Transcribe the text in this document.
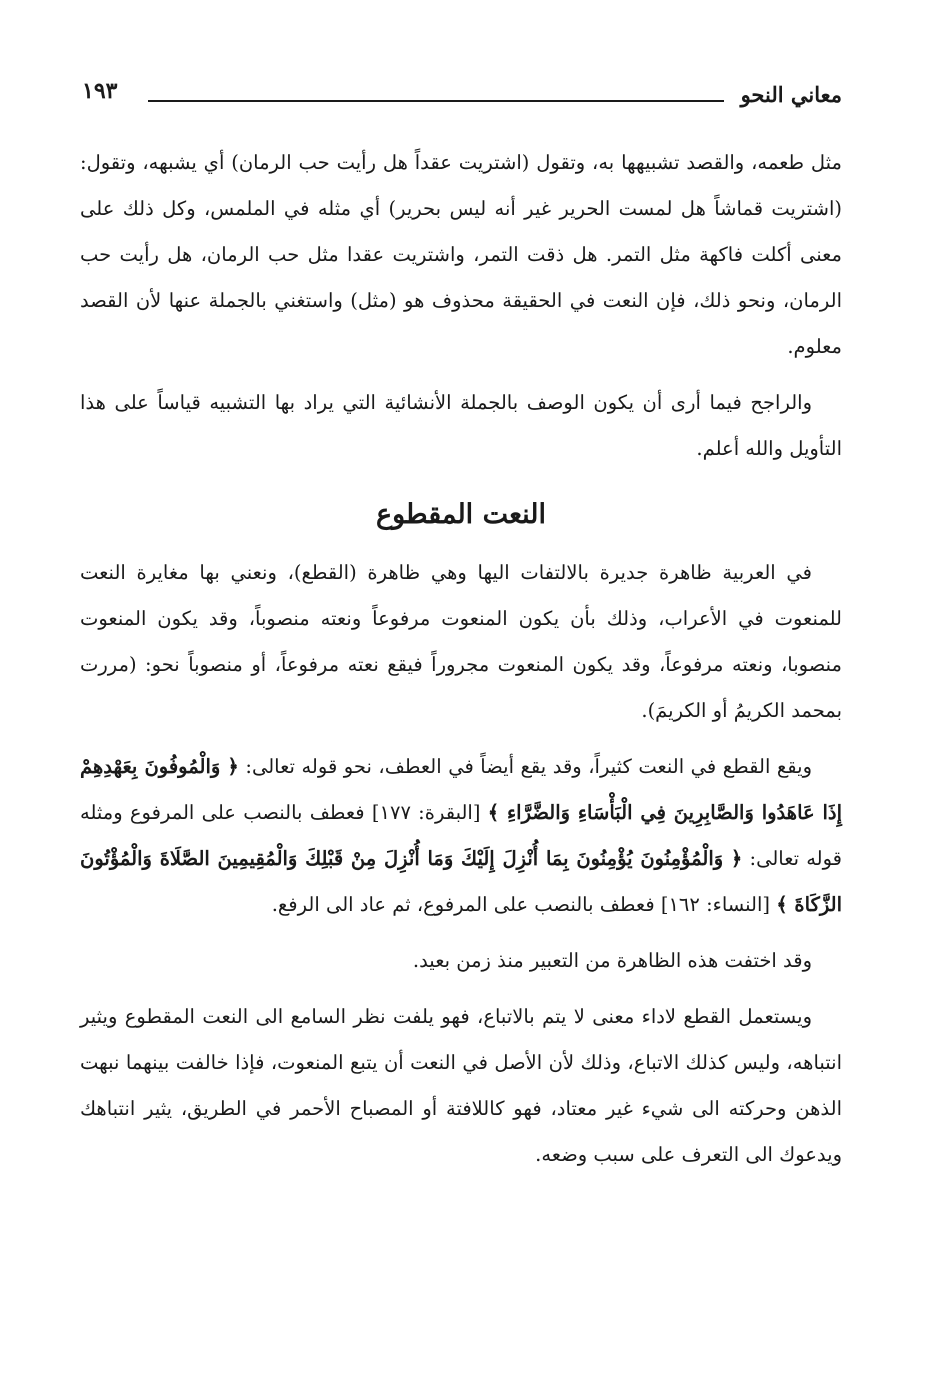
معاني النحو
١٩٣

مثل طعمه، والقصد تشبيهها به، وتقول (اشتريت عقداً هل رأيت حب الرمان) أي يشبهه، وتقول: (اشتريت قماشاً هل لمست الحرير غير أنه ليس بحرير) أي مثله في الملمس، وكل ذلك على معنى أكلت فاكهة مثل التمر. هل ذقت التمر، واشتريت عقدا مثل حب الرمان، هل رأيت حب الرمان، ونحو ذلك، فإن النعت في الحقيقة محذوف هو (مثل) واستغني بالجملة عنها لأن القصد معلوم.

والراجح فيما أرى أن يكون الوصف بالجملة الأنشائية التي يراد بها التشبيه قياساً على هذا التأويل والله أعلم.

النعت المقطوع

في العربية ظاهرة جديرة بالالتفات اليها وهي ظاهرة (القطع)، ونعني بها مغايرة النعت للمنعوت في الأعراب، وذلك بأن يكون المنعوت مرفوعاً ونعته منصوباً، وقد يكون المنعوت منصوبا، ونعته مرفوعاً، وقد يكون المنعوت مجروراً فيقع نعته مرفوعاً، أو منصوباً نحو: (مررت بمحمد الكريمُ أو الكريمَ).

ويقع القطع في النعت كثيراً، وقد يقع أيضاً في العطف، نحو قوله تعالى: ﴿ وَالْمُوفُونَ بِعَهْدِهِمْ إِذَا عَاهَدُوا وَالصَّابِرِينَ فِي الْبَأْسَاءِ وَالضَّرَّاءِ ﴾ [البقرة: ١٧٧] فعطف بالنصب على المرفوع ومثله قوله تعالى: ﴿ وَالْمُؤْمِنُونَ يُؤْمِنُونَ بِمَا أُنْزِلَ إِلَيْكَ وَمَا أُنْزِلَ مِنْ قَبْلِكَ وَالْمُقِيمِينَ الصَّلَاةَ وَالْمُؤْتُونَ الزَّكَاةَ ﴾ [النساء: ١٦٢] فعطف بالنصب على المرفوع، ثم عاد الى الرفع.

وقد اختفت هذه الظاهرة من التعبير منذ زمن بعيد.

ويستعمل القطع لاداء معنى لا يتم بالاتباع، فهو يلفت نظر السامع الى النعت المقطوع ويثير انتباهه، وليس كذلك الاتباع، وذلك لأن الأصل في النعت أن يتبع المنعوت، فإذا خالفت بينهما نبهت الذهن وحركته الى شيء غير معتاد، فهو كاللافتة أو المصباح الأحمر في الطريق، يثير انتباهك ويدعوك الى التعرف على سبب وضعه.
